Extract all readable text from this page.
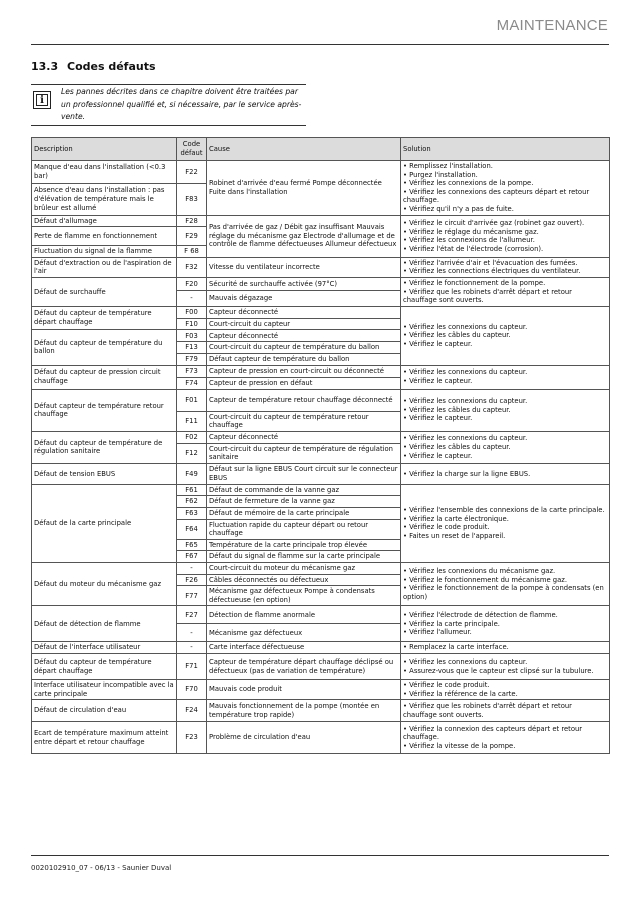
MAINTENANCE
13.3 Codes défauts
i
Les pannes décrites dans ce chapitre doivent être traitées par un professionnel qualifié et, si nécessaire, par le service après-vente.
Description	Code défaut	Cause	Solution
Manque d'eau dans l'installation (<0.3 bar)	F22	Robinet d'arrivée d'eau fermé Pompe déconnectée Fuite dans l'installation	• Remplissez l'installation.
• Purgez l'installation.
• Vérifiez les connexions de la pompe.
• Vérifiez les connexions des capteurs départ et retour chauffage.
• Vérifiez qu'il n'y a pas de fuite.

Absence d'eau dans l'installation : pas d'élévation de température mais le brûleur est allumé	F83		
Défaut d'allumage	F28	Pas d'arrivée de gaz / Débit gaz insuffisant Mauvais réglage du mécanisme gaz Electrode d'allumage et de contrôle de flamme défectueuses Allumeur défectueux	• Vérifiez le circuit d'arrivée gaz (robinet gaz ouvert).
• Vérifiez le réglage du mécanisme gaz.
• Vérifiez les connexions de l'allumeur.
• Vérifiez l'état de l'électrode (corrosion).

Perte de flamme en fonctionnement	F29		
Fluctuation du signal de la flamme	F 68		
Défaut d'extraction ou de l'aspiration de l'air	F32	Vitesse du ventilateur incorrecte	• Vérifiez l'arrivée d'air et l'évacuation des fumées.
• Vérifiez les connections électriques du ventilateur.

Défaut de surchauffe	F20	Sécurité de surchauffe activée (97°C)	• Vérifiez le fonctionnement de la pompe.
• Vérifiez que les robinets d'arrêt départ et retour chauffage sont ouverts.

	-	Mauvais dégazage	
Défaut du capteur de température départ chauffage	F00	Capteur déconnecté	• Vérifiez les connexions du capteur.
• Vérifiez les câbles du capteur.
• Vérifiez le capteur.

	F10	Court-circuit du capteur	
Défaut du capteur de température du ballon	F03	Capteur déconnecté	
	F13	Court-circuit du capteur de température du ballon	
	F79	Défaut capteur de température du ballon	
Défaut du capteur de pression circuit chauffage	F73	Capteur de pression en court-circuit ou déconnecté	• Vérifiez les connexions du capteur.
• Vérifiez le capteur.

	F74	Capteur de pression en défaut	
Défaut capteur de température retour chauffage	F01	Capteur de température retour chauffage déconnecté	• Vérifiez les connexions du capteur.
• Vérifiez les câbles du capteur.
• Vérifiez le capteur.

	F11	Court-circuit du capteur de température retour chauffage	
Défaut du capteur de température de régulation sanitaire	F02	Capteur déconnecté	• Vérifiez les connexions du capteur.
• Vérifiez les câbles du capteur.
• Vérifiez le capteur.

	F12	Court-circuit du capteur de température de régulation sanitaire	
Défaut de tension EBUS	F49	Défaut sur la ligne EBUS Court circuit sur le connecteur EBUS	• Vérifiez la charge sur la ligne EBUS.

Défaut de la carte principale	F61	Défaut de commande de la vanne gaz	• Vérifiez l'ensemble des connexions de la carte principale.
• Vérifiez la carte électronique.
• Vérifiez le code produit.
• Faites un reset de l'appareil.

	F62	Défaut de fermeture de la vanne gaz	
	F63	Défaut de mémoire de la carte principale	
	F64	Fluctuation rapide du capteur départ ou retour chauffage	
	F65	Température de la carte principale trop élevée	
	F67	Défaut du signal de flamme sur la carte principale	
Défaut du moteur du mécanisme gaz	-	Court-circuit du moteur du mécanisme gaz	• Vérifiez les connexions du mécanisme gaz.
• Vérifiez le fonctionnement du mécanisme gaz.
• Vérifiez le fonctionnement de la pompe à condensats (en option)

	F26	Câbles déconnectés ou défectueux	
	F77	Mécanisme gaz défectueux Pompe à condensats défectueuse (en option)	
Défaut de détection de flamme	F27	Détection de flamme anormale	• Vérifiez l'électrode de détection de flamme.
• Vérifiez la carte principale.
• Vérifiez l'allumeur.

	-	Mécanisme gaz défectueux	
Défaut de l'interface utilisateur	-	Carte interface défectueuse	• Remplacez la carte interface.

Défaut du capteur de température départ chauffage	F71	Capteur de température départ chauffage déclipsé ou défectueux (pas de variation de température)	• Vérifiez les connexions du capteur.
• Assurez-vous que le capteur est clipsé sur la tubulure.

Interface utilisateur incompatible avec la carte principale	F70	Mauvais code produit	• Vérifiez le code produit.
• Vérifiez la référence de la carte.

Défaut de circulation d'eau	F24	Mauvais fonctionnement de la pompe (montée en température trop rapide)	• Vérifiez que les robinets d'arrêt départ et retour chauffage sont ouverts.

Ecart de température maximum atteint entre départ et retour chauffage	F23	Problème de circulation d'eau	• Vérifiez la connexion des capteurs départ et retour chauffage.
• Vérifiez la vitesse de la pompe.
0020102910_07 - 06/13 - Saunier Duval
